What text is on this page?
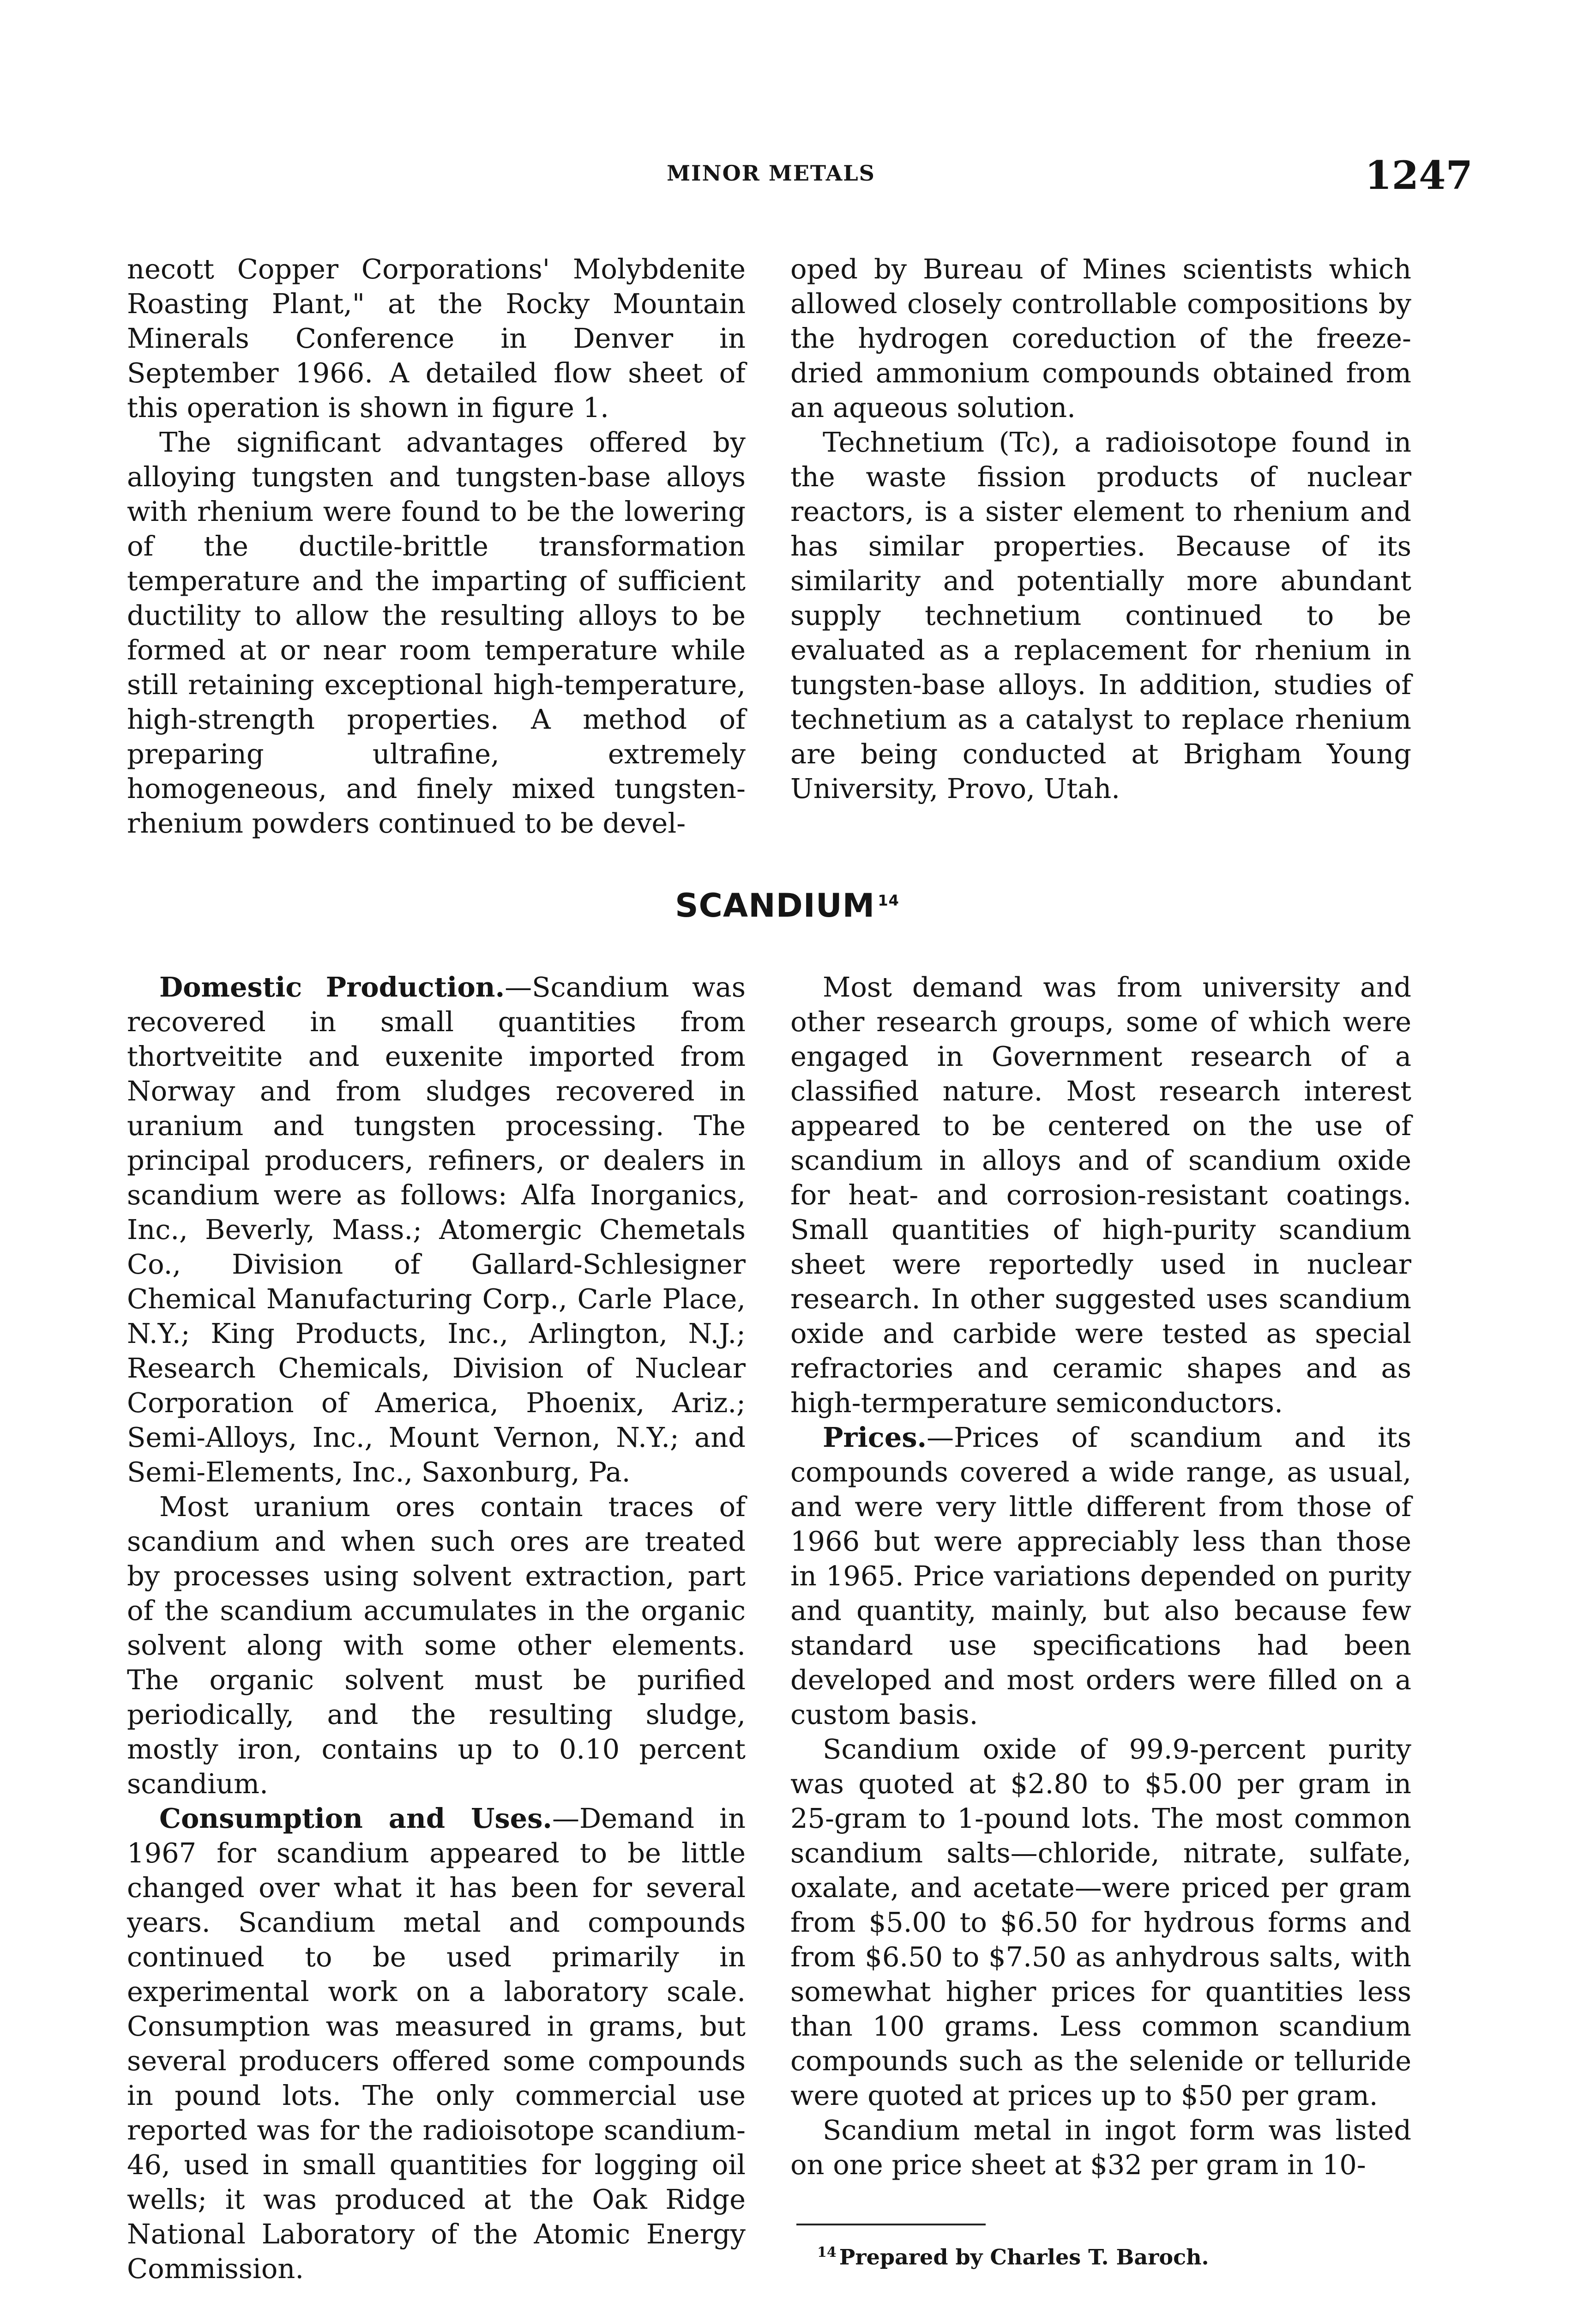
MINOR METALS	1247

necott Copper Corporations' Molybdenite Roasting Plant," at the Rocky Mountain Minerals Conference in Denver in September 1966. A detailed flow sheet of this operation is shown in figure 1.

The significant advantages offered by alloying tungsten and tungsten-base alloys with rhenium were found to be the lowering of the ductile-brittle transformation temperature and the imparting of sufficient ductility to allow the resulting alloys to be formed at or near room temperature while still retaining exceptional high-temperature, high-strength properties. A method of preparing ultrafine, extremely homogeneous, and finely mixed tungsten-rhenium powders continued to be devel-

oped by Bureau of Mines scientists which allowed closely controllable compositions by the hydrogen coreduction of the freeze-dried ammonium compounds obtained from an aqueous solution.

Technetium (Tc), a radioisotope found in the waste fission products of nuclear reactors, is a sister element to rhenium and has similar properties. Because of its similarity and potentially more abundant supply technetium continued to be evaluated as a replacement for rhenium in tungsten-base alloys. In addition, studies of technetium as a catalyst to replace rhenium are being conducted at Brigham Young University, Provo, Utah.

SCANDIUM $^{14}$

Domestic Production.—Scandium was recovered in small quantities from thortveitite and euxenite imported from Norway and from sludges recovered in uranium and tungsten processing. The principal producers, refiners, or dealers in scandium were as follows: Alfa Inorganics, Inc., Beverly, Mass.; Atomergic Chemetals Co., Division of Gallard-Schlesigner Chemical Manufacturing Corp., Carle Place, N.Y.; King Products, Inc., Arlington, N.J.; Research Chemicals, Division of Nuclear Corporation of America, Phoenix, Ariz.; Semi-Alloys, Inc., Mount Vernon, N.Y.; and Semi-Elements, Inc., Saxonburg, Pa.

Most uranium ores contain traces of scandium and when such ores are treated by processes using solvent extraction, part of the scandium accumulates in the organic solvent along with some other elements. The organic solvent must be purified periodically, and the resulting sludge, mostly iron, contains up to 0.10 percent scandium.

Consumption and Uses.—Demand in 1967 for scandium appeared to be little changed over what it has been for several years. Scandium metal and compounds continued to be used primarily in experimental work on a laboratory scale. Consumption was measured in grams, but several producers offered some compounds in pound lots. The only commercial use reported was for the radioisotope scandium-46, used in small quantities for logging oil wells; it was produced at the Oak Ridge National Laboratory of the Atomic Energy Commission.

Most demand was from university and other research groups, some of which were engaged in Government research of a classified nature. Most research interest appeared to be centered on the use of scandium in alloys and of scandium oxide for heat- and corrosion-resistant coatings. Small quantities of high-purity scandium sheet were reportedly used in nuclear research. In other suggested uses scandium oxide and carbide were tested as special refractories and ceramic shapes and as high-termperature semiconductors.

Prices.—Prices of scandium and its compounds covered a wide range, as usual, and were very little different from those of 1966 but were appreciably less than those in 1965. Price variations depended on purity and quantity, mainly, but also because few standard use specifications had been developed and most orders were filled on a custom basis.

Scandium oxide of 99.9-percent purity was quoted at $2.80 to $5.00 per gram in 25-gram to 1-pound lots. The most common scandium salts—chloride, nitrate, sulfate, oxalate, and acetate—were priced per gram from $5.00 to $6.50 for hydrous forms and from $6.50 to $7.50 as anhydrous salts, with somewhat higher prices for quantities less than 100 grams. Less common scandium compounds such as the selenide or telluride were quoted at prices up to $50 per gram.

Scandium metal in ingot form was listed on one price sheet at $32 per gram in 10-

$^{14}$ Prepared by Charles T. Baroch.
